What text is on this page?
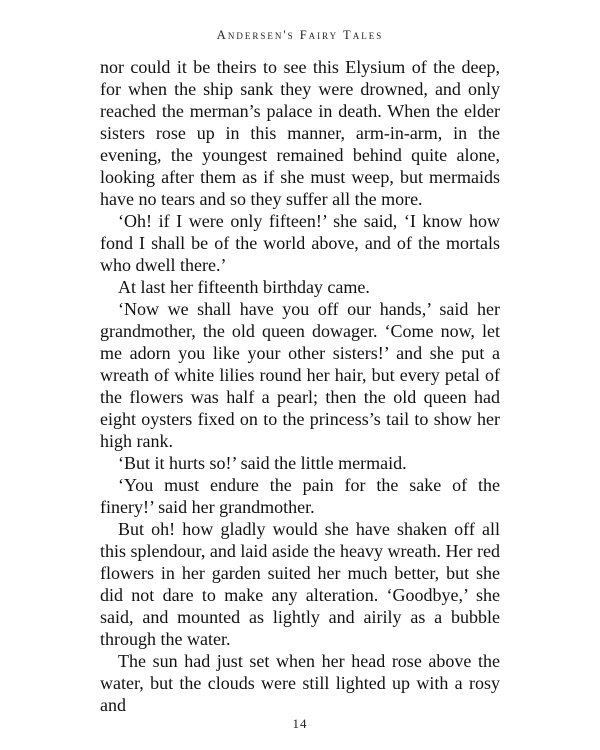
Andersen's Fairy Tales

nor could it be theirs to see this Elysium of the deep, for when the ship sank they were drowned, and only reached the merman’s palace in death. When the elder sisters rose up in this manner, arm-in-arm, in the evening, the youngest remained behind quite alone, looking after them as if she must weep, but mermaids have no tears and so they suffer all the more.

‘Oh! if I were only fifteen!’ she said, ‘I know how fond I shall be of the world above, and of the mortals who dwell there.’

At last her fifteenth birthday came.

‘Now we shall have you off our hands,’ said her grandmother, the old queen dowager. ‘Come now, let me adorn you like your other sisters!’ and she put a wreath of white lilies round her hair, but every petal of the flowers was half a pearl; then the old queen had eight oysters fixed on to the princess’s tail to show her high rank.

‘But it hurts so!’ said the little mermaid.

‘You must endure the pain for the sake of the finery!’ said her grandmother.

But oh! how gladly would she have shaken off all this splendour, and laid aside the heavy wreath. Her red flowers in her garden suited her much better, but she did not dare to make any alteration. ‘Goodbye,’ she said, and mounted as lightly and airily as a bubble through the water.

The sun had just set when her head rose above the water, but the clouds were still lighted up with a rosy and

14
